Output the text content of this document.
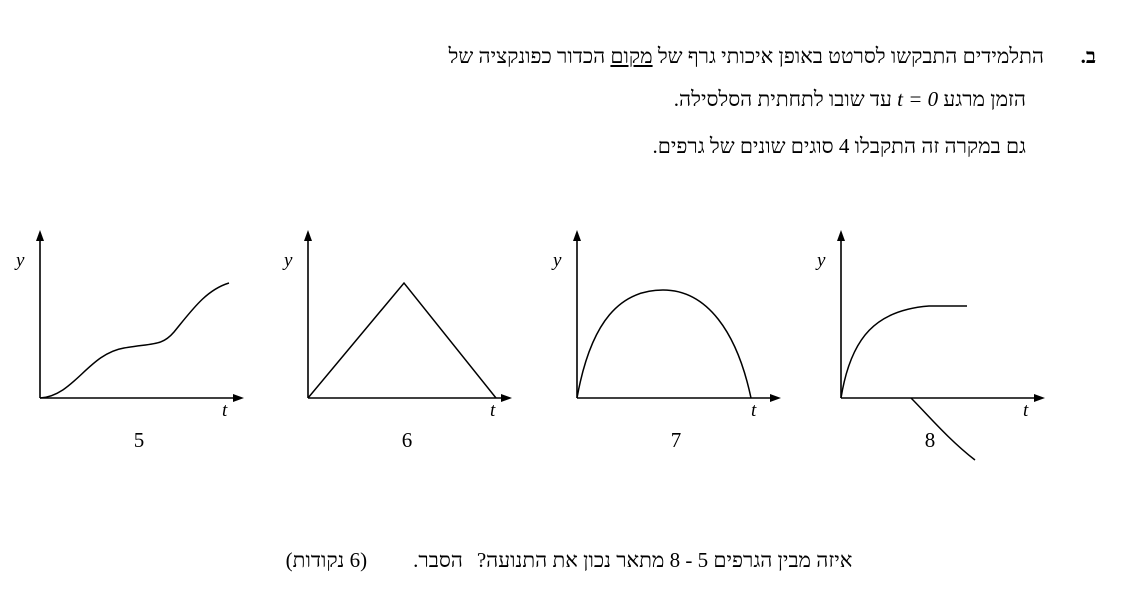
ב.התלמידים התבקשו לסרטט באופן איכותי גרף של מקום הכדור כפונקציה של
הזמן מרגע t = 0 עד שובו לתחתית הסלסילה.
גם במקרה זה התקבלו 4 סוגים שונים של גרפים.
y
t
5
y
t
6
y
t
7
y
t
8
איזה מבין הגרפים 5 - 8 מתאר נכון את התנועה?הסבר.(6 נקודות)
